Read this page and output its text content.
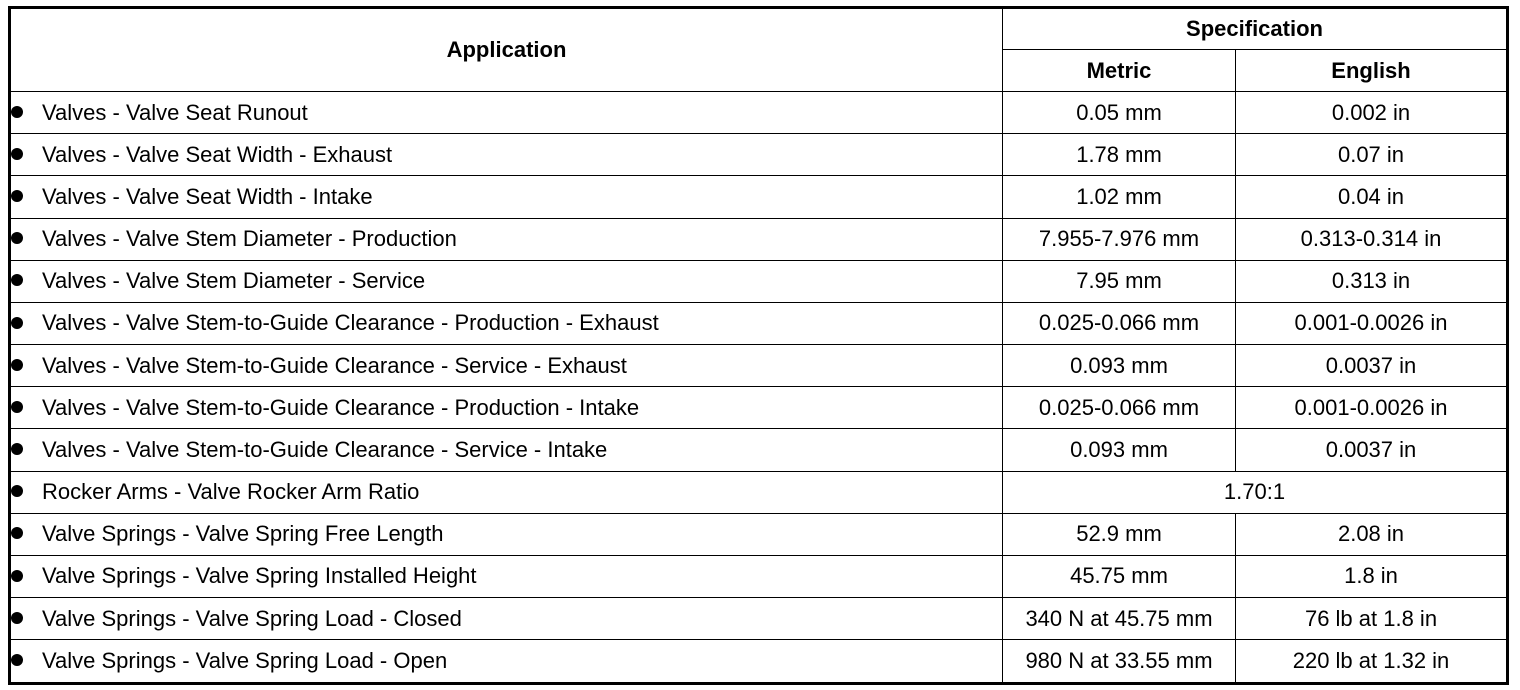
Application	Specification	
	Metric	English
Valves - Valve Seat Runout	0.05 mm	0.002 in
Valves - Valve Seat Width - Exhaust	1.78 mm	0.07 in
Valves - Valve Seat Width - Intake	1.02 mm	0.04 in
Valves - Valve Stem Diameter - Production	7.955-7.976 mm	0.313-0.314 in
Valves - Valve Stem Diameter - Service	7.95 mm	0.313 in
Valves - Valve Stem-to-Guide Clearance - Production - Exhaust	0.025-0.066 mm	0.001-0.0026 in
Valves - Valve Stem-to-Guide Clearance - Service - Exhaust	0.093 mm	0.0037 in
Valves - Valve Stem-to-Guide Clearance - Production - Intake	0.025-0.066 mm	0.001-0.0026 in
Valves - Valve Stem-to-Guide Clearance - Service - Intake	0.093 mm	0.0037 in
Rocker Arms - Valve Rocker Arm Ratio	1.70:1	
Valve Springs - Valve Spring Free Length	52.9 mm	2.08 in
Valve Springs - Valve Spring Installed Height	45.75 mm	1.8 in
Valve Springs - Valve Spring Load - Closed	340 N at 45.75 mm	76 lb at 1.8 in
Valve Springs - Valve Spring Load - Open	980 N at 33.55 mm	220 lb at 1.32 in
